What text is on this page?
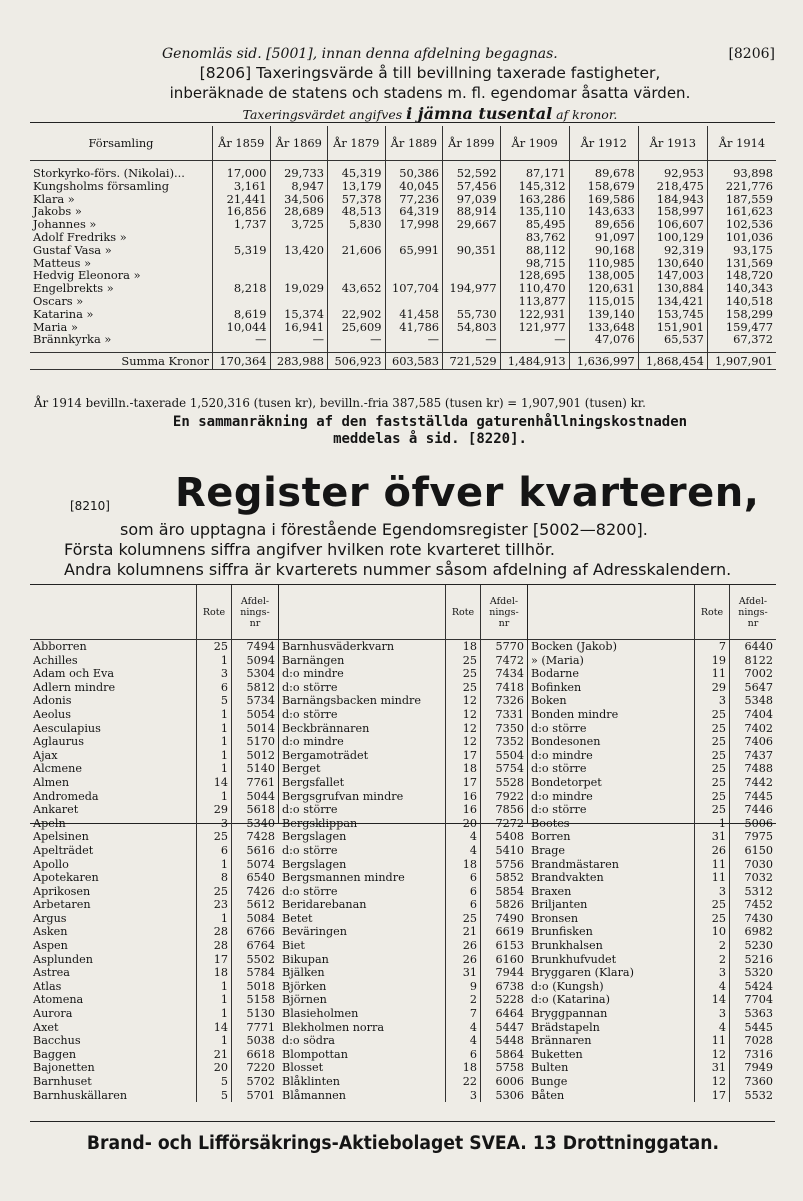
Genomläs sid. [5001], innan denna afdelning begagnas.	[8206]
[8206] Taxeringsvärde å till bevillning taxerade fastigheter,
inberäknade de statens och stadens m. fl. egendomar åsatta värden.
Taxeringsvärdet angifves i jämna tusental af kronor.
Församling	År 1859	År 1869	År 1879	År 1889	År 1899	År 1909	År 1912	År 1913	År 1914

Storkyrko-förs. (Nikolai)...	17,000	29,733	45,319	50,386	52,592	87,171	89,678	92,953	93,898
Kungsholms församling	3,161	8,947	13,179	40,045	57,456	145,312	158,679	218,475	221,776
Klara »	21,441	34,506	57,378	77,236	97,039	163,286	169,586	184,943	187,559
Jakobs »	16,856	28,689	48,513	64,319	88,914	135,110	143,633	158,997	161,623
Johannes »	1,737	3,725	5,830	17,998	29,667	85,495	89,656	106,607	102,536
Adolf Fredriks »						83,762	91,097	100,129	101,036
Gustaf Vasa »	5,319	13,420	21,606	65,991	90,351	88,112	90,168	92,319	93,175
Matteus »						98,715	110,985	130,640	131,569
Hedvig Eleonora »						128,695	138,005	147,003	148,720
Engelbrekts »	8,218	19,029	43,652	107,704	194,977	110,470	120,631	130,884	140,343
Oscars »						113,877	115,015	134,421	140,518
Katarina »	8,619	15,374	22,902	41,458	55,730	122,931	139,140	153,745	158,299
Maria »	10,044	16,941	25,609	41,786	54,803	121,977	133,648	151,901	159,477
Brännkyrka »	—	—	—	—	—	—	47,076	65,537	67,372

Summa Kronor	170,364	283,988	506,923	603,583	721,529	1,484,913	1,636,997	1,868,454	1,907,901
År 1914 bevilln.-taxerade 1,520,316 (tusen kr), bevilln.-fria 387,585 (tusen kr) = 1,907,901 (tusen) kr.
En sammanräkning af den fastställda gaturenhållningskostnaden
meddelas å sid. [8220].
[8210] Register öfver kvarteren,
som äro upptagna i förestående Egendomsregister [5002—8200].
Första kolumnens siffra angifver hvilken rote kvarteret tillhör.
Andra kolumnens siffra är kvarterets nummer såsom afdelning af Adresskalendern.
	Rote	Afdel-
nings-
nr

Abborren	25	7494
Achilles	1	5094
Adam och Eva	3	5304
Adlern mindre	6	5812
Adonis	5	5734
Aeolus	1	5054
Aesculapius	1	5014
Aglaurus	1	5170
Ajax	1	5012
Alcmene	1	5140
Almen	14	7761
Andromeda	1	5044
Ankaret	29	5618
Apeln	3	5340
Apelsinen	25	7428
Apelträdet	6	5616
Apollo	1	5074
Apotekaren	8	6540
Aprikosen	25	7426
Arbetaren	23	5612
Argus	1	5084
Asken	28	6766
Aspen	28	6764
Asplunden	17	5502
Astrea	18	5784
Atlas	1	5018
Atomena	1	5158
Aurora	1	5130
Axet	14	7771
Bacchus	1	5038
Baggen	21	6618
Bajonetten	20	7220
Barnhuset	5	5702
Barnhuskällaren	5	5701
	Rote	Afdel-
nings-
nr

Barnhusväderkvarn	18	5770
Barnängen	25	7472
d:o mindre	25	7434
d:o större	25	7418
Barnängsbacken mindre	12	7326
d:o större	12	7331
Beckbrännaren	12	7350
d:o mindre	12	7352
Bergamoträdet	17	5504
Berget	18	5754
Bergsfallet	17	5528
Bergsgrufvan mindre	16	7922
d:o större	16	7856
Bergsklippan	20	7272
Bergslagen	4	5408
d:o större	4	5410
Bergslagen	18	5756
Bergsmannen mindre	6	5852
d:o större	6	5854
Beridarebanan	6	5826
Betet	25	7490
Beväringen	21	6619
Biet	26	6153
Bikupan	26	6160
Bjälken	31	7944
Björken	9	6738
Björnen	2	5228
Blasieholmen	7	6464
Blekholmen norra	4	5447
d:o södra	4	5448
Blompottan	6	5864
Blosset	18	5758
Blåklinten	22	6006
Blåmannen	3	5306
	Rote	Afdel-
nings-
nr

Bocken (Jakob)	7	6440
» (Maria)	19	8122
Bodarne	11	7002
Bofinken	29	5647
Boken	3	5348
Bonden mindre	25	7404
d:o större	25	7402
Bondesonen	25	7406
d:o mindre	25	7437
d:o större	25	7488
Bondetorpet	25	7442
d:o mindre	25	7445
d:o större	25	7446
Bootes	1	5006
Borren	31	7975
Brage	26	6150
Brandmästaren	11	7030
Brandvakten	11	7032
Braxen	3	5312
Briljanten	25	7452
Bronsen	25	7430
Brunfisken	10	6982
Brunkhalsen	2	5230
Brunkhufvudet	2	5216
Bryggaren (Klara)	3	5320
d:o (Kungsh)	4	5424
d:o (Katarina)	14	7704
Bryggpannan	3	5363
Brädstapeln	4	5445
Brännaren	11	7028
Buketten	12	7316
Bulten	31	7949
Bunge	12	7360
Båten	17	5532
Brand- och Lifförsäkrings-Aktiebolaget SVEA. 13 Drottninggatan.
